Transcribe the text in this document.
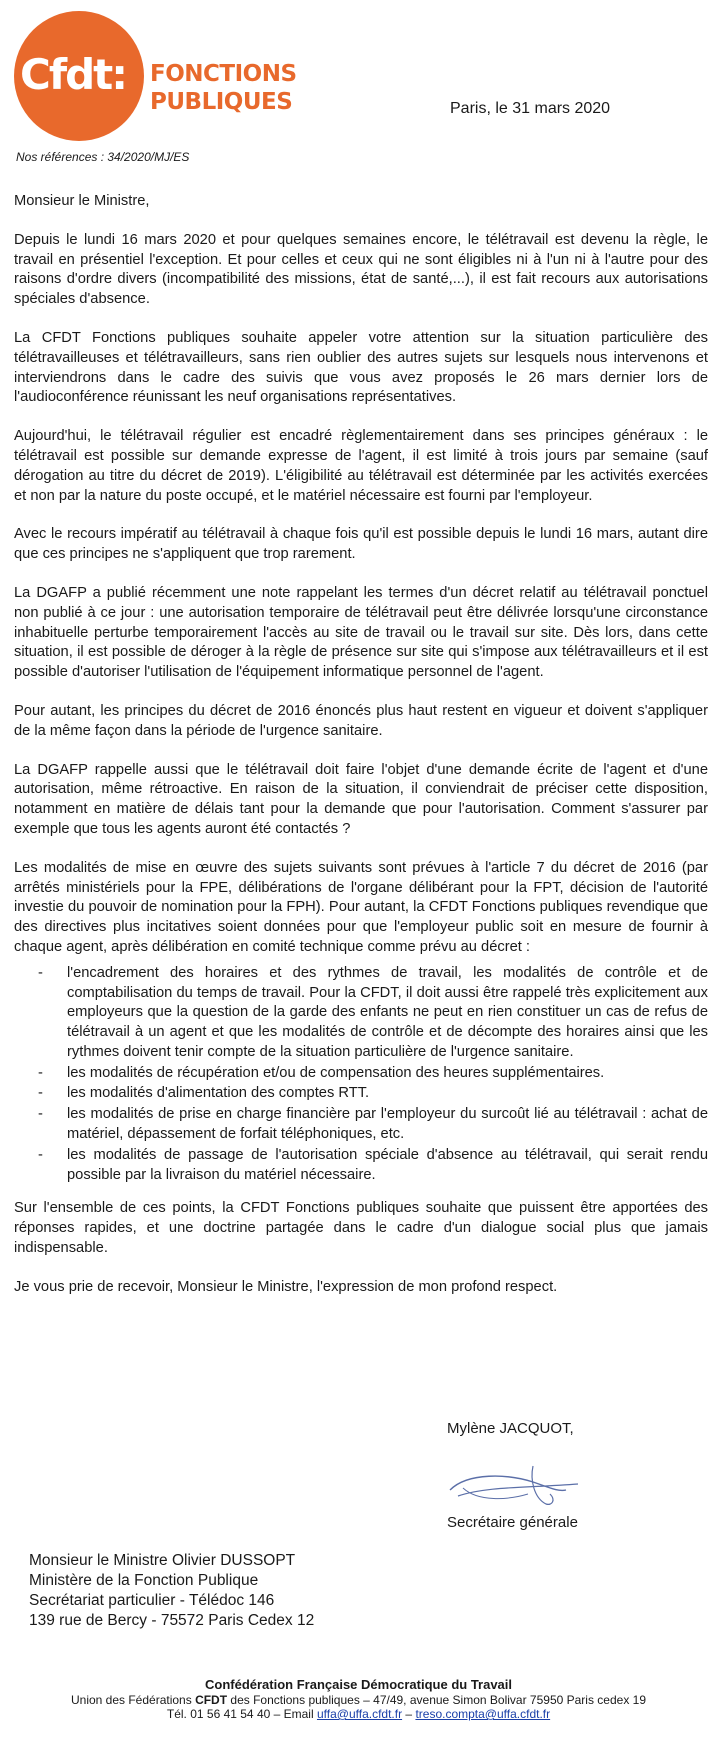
Cfdt:	FONCTIONS
PUBLIQUES	Paris, le 31 mars 2020
Nos références : 34/2020/MJ/ES

Monsieur le Ministre,

Depuis le lundi 16 mars 2020 et pour quelques semaines encore, le télétravail est devenu la règle, le travail en présentiel l'exception. Et pour celles et ceux qui ne sont éligibles ni à l'un ni à l'autre pour des raisons d'ordre divers (incompatibilité des missions, état de santé,...), il est fait recours aux autorisations spéciales d'absence.

La CFDT Fonctions publiques souhaite appeler votre attention sur la situation particulière des télétravailleuses et télétravailleurs, sans rien oublier des autres sujets sur lesquels nous intervenons et interviendrons dans le cadre des suivis que vous avez proposés le 26 mars dernier lors de l'audioconférence réunissant les neuf organisations représentatives.

Aujourd'hui, le télétravail régulier est encadré règlementairement dans ses principes généraux : le télétravail est possible sur demande expresse de l'agent, il est limité à trois jours par semaine (sauf dérogation au titre du décret de 2019). L'éligibilité au télétravail est déterminée par les activités exercées et non par la nature du poste occupé, et le matériel nécessaire est fourni par l'employeur.

Avec le recours impératif au télétravail à chaque fois qu'il est possible depuis le lundi 16 mars, autant dire que ces principes ne s'appliquent que trop rarement.

La DGAFP a publié récemment une note rappelant les termes d'un décret relatif au télétravail ponctuel non publié à ce jour : une autorisation temporaire de télétravail peut être délivrée lorsqu'une circonstance inhabituelle perturbe temporairement l'accès au site de travail ou le travail sur site. Dès lors, dans cette situation, il est possible de déroger à la règle de présence sur site qui s'impose aux télétravailleurs et il est possible d'autoriser l'utilisation de l'équipement informatique personnel de l'agent.

Pour autant, les principes du décret de 2016 énoncés plus haut restent en vigueur et doivent s'appliquer de la même façon dans la période de l'urgence sanitaire.

La DGAFP rappelle aussi que le télétravail doit faire l'objet d'une demande écrite de l'agent et d'une autorisation, même rétroactive. En raison de la situation, il conviendrait de préciser cette disposition, notamment en matière de délais tant pour la demande que pour l'autorisation. Comment s'assurer par exemple que tous les agents auront été contactés ?

Les modalités de mise en œuvre des sujets suivants sont prévues à l'article 7 du décret de 2016 (par arrêtés ministériels pour la FPE, délibérations de l'organe délibérant pour la FPT, décision de l'autorité investie du pouvoir de nomination pour la FPH). Pour autant, la CFDT Fonctions publiques revendique que des directives plus incitatives soient données pour que l'employeur public soit en mesure de fournir à chaque agent, après délibération en comité technique comme prévu au décret :

- l'encadrement des horaires et des rythmes de travail, les modalités de contrôle et de comptabilisation du temps de travail. Pour la CFDT, il doit aussi être rappelé très explicitement aux employeurs que la question de la garde des enfants ne peut en rien constituer un cas de refus de télétravail à un agent et que les modalités de contrôle et de décompte des horaires ainsi que les rythmes doivent tenir compte de la situation particulière de l'urgence sanitaire.
- les modalités de récupération et/ou de compensation des heures supplémentaires.
- les modalités d'alimentation des comptes RTT.
- les modalités de prise en charge financière par l'employeur du surcoût lié au télétravail : achat de matériel, dépassement de forfait téléphoniques, etc.
- les modalités de passage de l'autorisation spéciale d'absence au télétravail, qui serait rendu possible par la livraison du matériel nécessaire.

Sur l'ensemble de ces points, la CFDT Fonctions publiques souhaite que puissent être apportées des réponses rapides, et une doctrine partagée dans le cadre d'un dialogue social plus que jamais indispensable.

Je vous prie de recevoir, Monsieur le Ministre, l'expression de mon profond respect.

Mylène JACQUOT,
Secrétaire générale
Monsieur le Ministre Olivier DUSSOPT
Ministère de la Fonction Publique
Secrétariat particulier - Télédoc 146
139 rue de Bercy - 75572 Paris Cedex 12
Confédération Française Démocratique du Travail
Union des Fédérations CFDT des Fonctions publiques – 47/49, avenue Simon Bolivar 75950 Paris cedex 19
Tél. 01 56 41 54 40 – Email uffa@uffa.cfdt.fr – treso.compta@uffa.cfdt.fr
